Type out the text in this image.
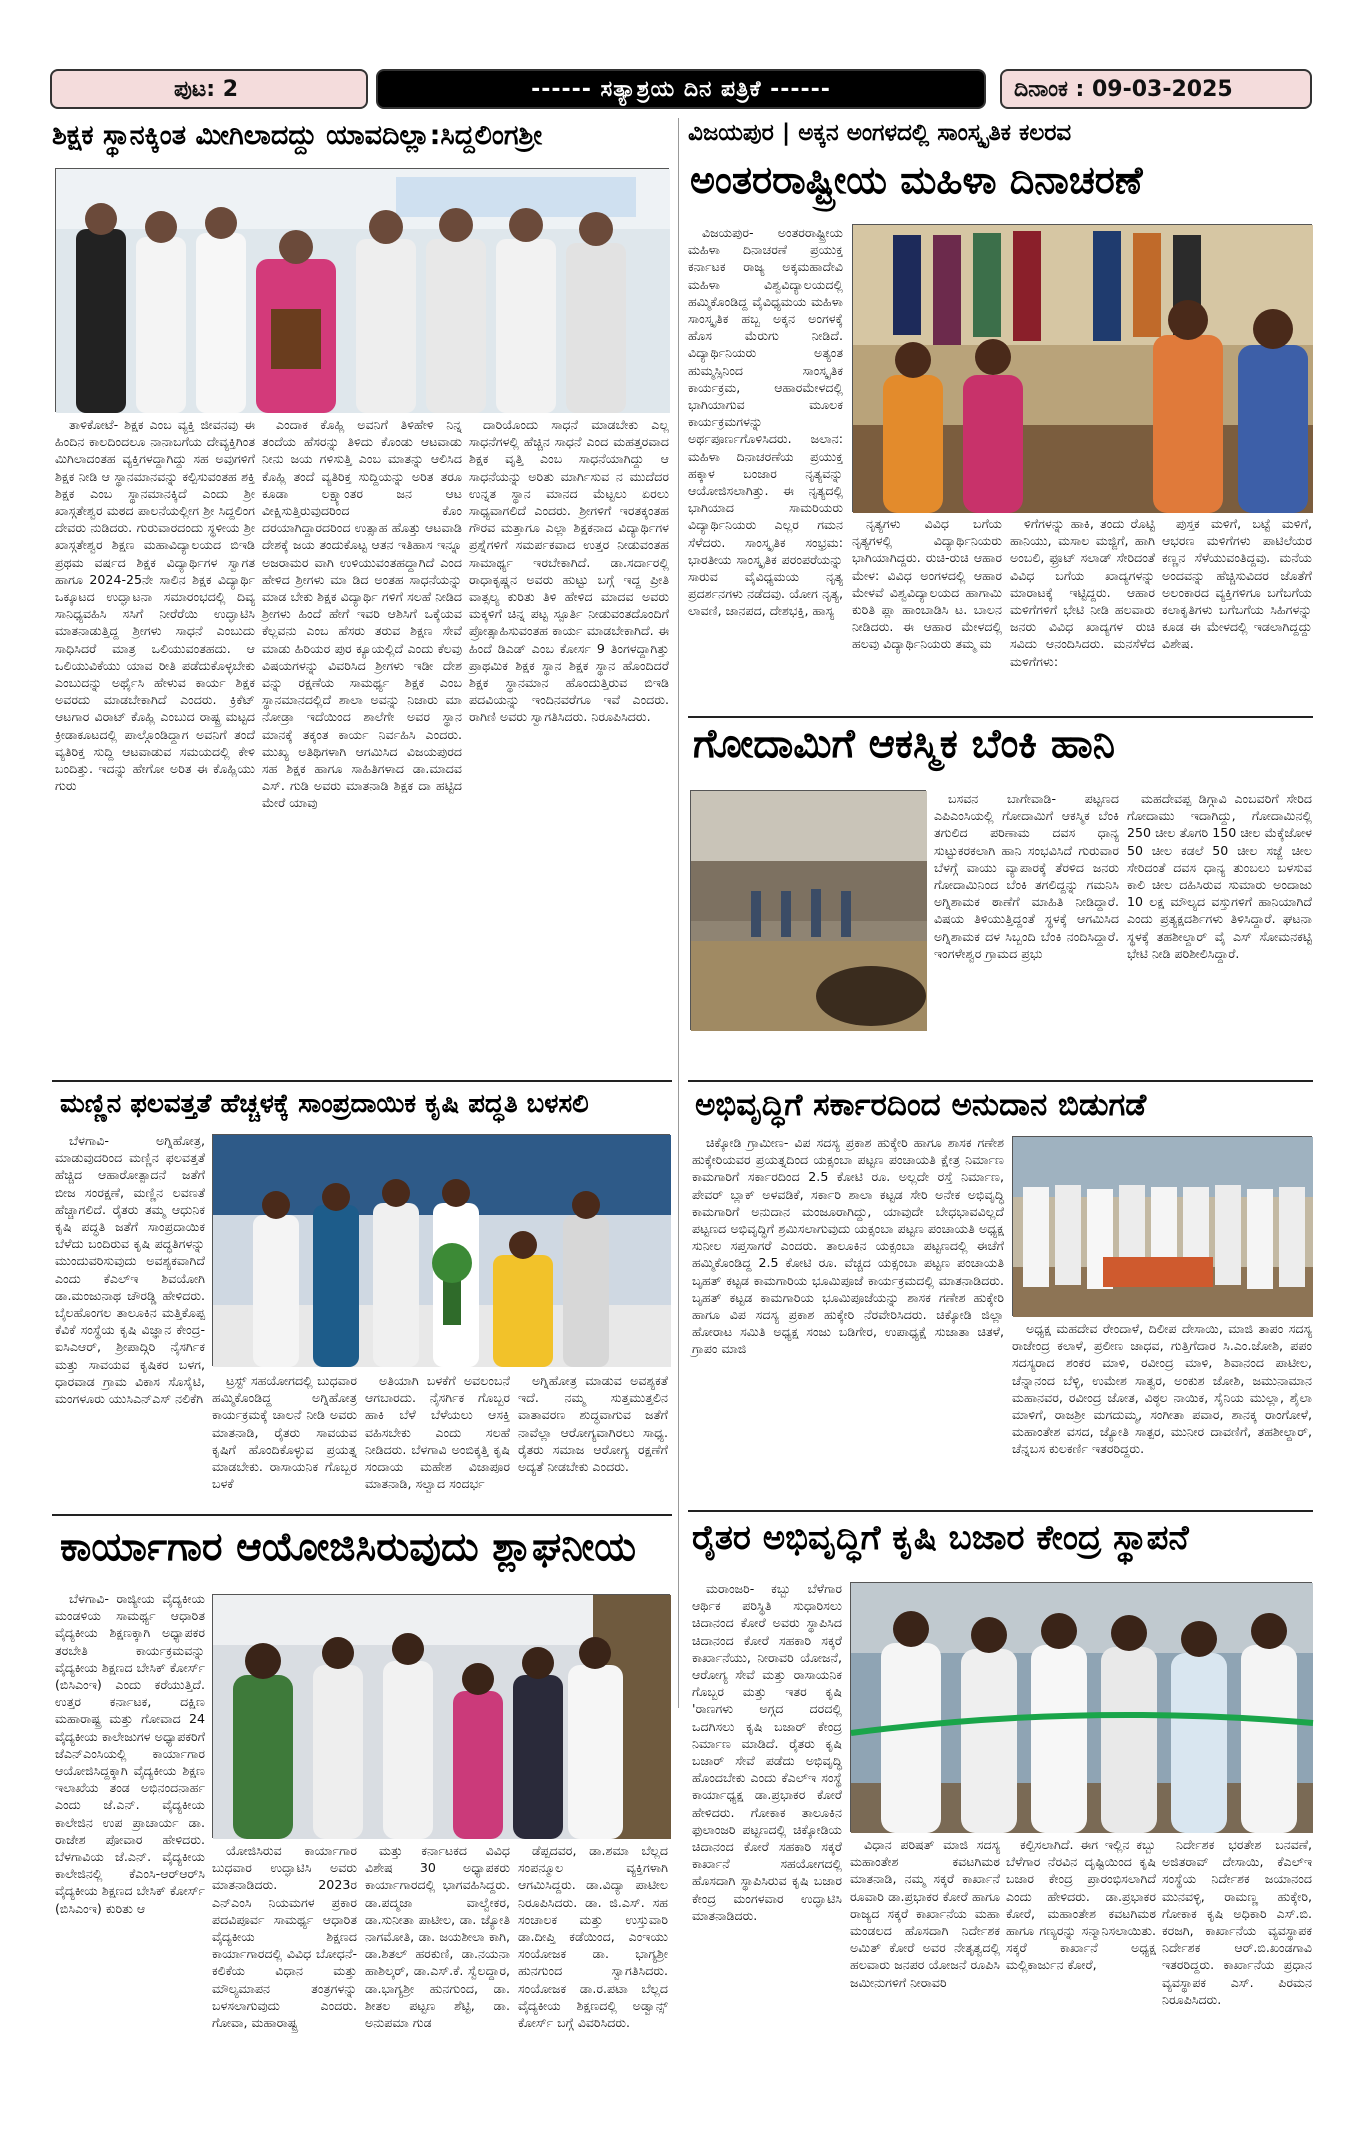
ಪುಟ: 2	------ ಸತ್ಯಾಶ್ರಯ ದಿನ ಪತ್ರಿಕೆ ------	ದಿನಾಂಕ : 09-03-2025
ಶಿಕ್ಷಕ ಸ್ಥಾನಕ್ಕಿಂತ ಮೀಗಿಲಾದದ್ದು ಯಾವದಿಲ್ಲಾ:ಸಿದ್ದಲಿಂಗಶ್ರೀ

ತಾಳಿಕೋಟೆ- ಶಿಕ್ಷಕ ಎಂಬ ವ್ಯಕ್ತಿ ಜೀವನವು ಈ ಹಿಂದಿನ ಕಾಲದಿಂದಲೂ ನಾನಾಬಗೆಯ ದೇವ್ಯಕ್ತಿಗಿಂತ ಮಿಗಿಲಾದಂತಹ ವ್ಯಕ್ತಿಗಳದ್ದಾಗಿದ್ದು ಸಹ ಅವುಗಳಿಗೆ ಶಿಕ್ಷಕ ನೀಡಿ ಆ ಸ್ಥಾನಮಾನವನ್ನು ಕಲ್ಪಿಸುವಂತಹ ಶಕ್ತಿ ಶಿಕ್ಷಕ ಎಂಬ ಸ್ಥಾನಮಾನಕ್ಕಿದೆ ಎಂದು ಶ್ರೀ ಖಾಸ್ಗತೇಶ್ವರ ಮಠದ ಪಾಲನೆಯಲ್ಲೀಗ ಶ್ರೀ ಸಿದ್ದಲಿಂಗ ದೇವರು ನುಡಿದರು. ಗುರುವಾರದಂದು ಸ್ಥಳೀಯ ಶ್ರೀ ಖಾಸ್ಗತೇಶ್ವರ ಶಿಕ್ಷಣ ಮಹಾವಿದ್ಯಾಲಯದ ಬಿಇಡಿ ಪ್ರಥಮ ವರ್ಷದ ಶಿಕ್ಷಕ ವಿದ್ಯಾರ್ಥಿಗಳ ಸ್ವಾಗತ ಹಾಗೂ 2024-25ನೇ ಸಾಲಿನ ಶಿಕ್ಷಕ ವಿದ್ಯಾರ್ಥಿ ಒಕ್ಕೂಟದ ಉದ್ಘಾಟನಾ ಸಮಾರಂಭದಲ್ಲಿ ದಿವ್ಯ ಸಾನಿಧ್ಯವಹಿಸಿ ಸಸಿಗೆ ನೀರೆರೆಯಿ ಉದ್ಘಾಟಿಸಿ ಮಾತನಾಡುತ್ತಿದ್ದ ಶ್ರೀಗಳು ಸಾಧನೆ ಎಂಬುದು ಸಾಧಿಸಿದರೆ ಮಾತ್ರ ಒಲಿಯುವಂತಹದು. ಆ ಒಲಿಯುವಿಕೆಯು ಯಾವ ರೀತಿ ಪಡೆದುಕೊಳ್ಳಬೇಕು ಎಂಬುದನ್ನು ಅರ್ಥೈಸಿ ಹೇಳುವ ಕಾರ್ಯ ಶಿಕ್ಷಕ ಅವರದು ಮಾಡಬೇಕಾಗಿದೆ ಎಂದರು. ಕ್ರಿಕೆಟ್ ಆಟಗಾರ ವಿರಾಟ್ ಕೊಹ್ಲಿ ಎಂಬುದ ರಾಷ್ಟ್ರ ಮಟ್ಟದ ಕ್ರೀಡಾಕೂಟದಲ್ಲಿ ಪಾಲ್ಗೊಂಡಿದ್ದಾಗ ಅವನಿಗೆ ತಂದೆ ವ್ಯತಿರಿಕ್ತ ಸುದ್ದಿ ಆಟವಾಡುವ ಸಮಯದಲ್ಲಿ ಕೇಳಿ ಬಂದಿತ್ತು. ಇದನ್ನು ಹೇಗೋ ಅರಿತ ಈ ಕೊಹ್ಲಿಯು ಗುರು

ಎಂದಾಕ ಕೊಹ್ಲಿ ಅವನಿಗೆ ತಿಳಿಹೇಳಿ ನಿನ್ನ ತಂದೆಯ ಹೆಸರನ್ನು ತಿಳಿದು ಕೊಂಡು ಆಟವಾಡು ನೀನು ಜಯ ಗಳಿಸುತ್ತಿ ಎಂಬ ಮಾತನ್ನು ಆಲಿಸಿದ ಕೊಹ್ಲಿ ತಂದೆ ವ್ಯತಿರಿಕ್ತ ಸುದ್ದಿಯನ್ನು ಅರಿತ ತರೂ ಕೂಡಾ ಲಕ್ಷ್ಯಾಂತರ ಜನ ಆಟ ವೀಕ್ಷಿಸುತ್ತಿರುವುದರಿಂದ ಕೊಂ ದರಯಾಗಿದ್ದಾರದರಿಂದ ಉತ್ಸಾಹ ಹೊತ್ತು ಆಟವಾಡಿ ದೇಶಕ್ಕೆ ಜಯ ತಂದುಕೊಟ್ಟ ಆತನ ಇತಿಹಾಸ ಇನ್ನೂ ಅಜರಾಮರ ವಾಗಿ ಉಳಿಯುವಂತಹದ್ದಾಗಿದೆ ಎಂದ ಹೇಳಿದ ಶ್ರೀಗಳು ಮಾ ಡಿದ ಅಂತಹ ಸಾಧನೆಯನ್ನು ಮಾಡ ಬೇಕು ಶಿಕ್ಷಕ ವಿದ್ಯಾರ್ಥಿ ಗಳಿಗೆ ಸಲಹೆ ನೀಡಿದ ಶ್ರೀಗಳು ಹಿಂದೆ ಹೇಗೆ ಇವರಿ ಆಶಿಸಿಗೆ ಒಕ್ಕೆಯವ ಕೆಲ್ಲವನು ಎಂಬ ಹೆಸರು ತರುವ ಶಿಕ್ಷಣ ಸೇವೆ ಮಾಡು ಹಿರಿಯರ ಪುರ ಕ್ಯೂಯಲ್ಲಿದೆ ಎಂದು ಕೆಲವು ವಿಷಯಗಳನ್ನು ವಿವರಿಸಿದ ಶ್ರೀಗಳು ಇಡೀ ದೇಶ ವನ್ನು ರಕ್ಷಣೆಯ ಸಾಮರ್ಥ್ಯ ಶಿಕ್ಷಕ ಎಂಬ ಸ್ಥಾನಮಾನದಲ್ಲಿದೆ ಶಾಲಾ ಅವನ್ನು ನಿಜಾರು ಮಾ ನೋಡ್ರಾ ಇದೆಯಿಂದ ಶಾಲೆಗೇ ಅವರ ಸ್ಥಾನ ಮಾನಕ್ಕೆ ತಕ್ಕಂತ ಕಾರ್ಯ ನಿರ್ವಹಿಸಿ ಎಂದರು. ಮುಖ್ಯ ಅತಿಥಿಗಳಾಗಿ ಆಗಮಿಸಿದ ವಿಜಯಪುರದ ಸಹ ಶಿಕ್ಷಕ ಹಾಗೂ ಸಾಹಿತಿಗಳಾದ ಡಾ.ಮಾದವ ಎಸ್. ಗುಡಿ ಅವರು ಮಾತನಾಡಿ ಶಿಕ್ಷಕ ದಾ ಹಟ್ಟಿದ ಮೇರೆ ಯಾವು

ದಾರಿಯೊಂದು ಸಾಧನೆ ಮಾಡಬೇಕು ಎಲ್ಲ ಸಾಧನೆಗಳಲ್ಲಿ ಹೆಚ್ಚಿನ ಸಾಧನೆ ಎಂದ ಮಹತ್ತರವಾದ ಶಿಕ್ಷಕ ವೃತ್ತಿ ಎಂಬ ಸಾಧನೆಯಾಗಿದ್ದು ಆ ಸಾಧನೆಯನ್ನು ಅರಿತು ಮಾರ್ಗಿಸುವ ನ ಮುದೆದರ ಉನ್ನತ ಸ್ಥಾನ ಮಾನದ ಮೆಟ್ಟಲು ಏರಲು ಸಾಧ್ಯವಾಗಲಿದೆ ಎಂದರು. ಶ್ರೀಗಳಿಗೆ ಇರತಕ್ಕಂತಹ ಗೌರವ ಮತ್ತಾಗೂ ಎಲ್ಲಾ ಶಿಕ್ಷಕನಾದ ವಿದ್ಯಾರ್ಥಿಗಳ ಪ್ರಶ್ನೆಗಳಿಗೆ ಸಮರ್ಪಕವಾದ ಉತ್ತರ ನೀಡುವಂತಹ ಸಾಮಾರ್ಥ್ಯ ಇರಬೇಕಾಗಿದೆ. ಡಾ.ಸರ್ದಾರಲ್ಲಿ ರಾಧಾಕೃಷ್ಣನ ಅವರು ಹುಟ್ಟು ಬಗ್ಗೆ ಇದ್ದ ಪ್ರೀತಿ ವಾತ್ಸಲ್ಯ ಕುರಿತು ತಿಳಿ ಹೇಳಿದ ಮಾದವ ಅವರು ಮಕ್ಕಳಿಗೆ ಚಿನ್ನ ಪಟ್ಟ ಸ್ಪೂರ್ತಿ ನೀಡುವಂತದೊಂದಿಗೆ ಪ್ರೋತ್ಸಾಹಿಸುವಂತಹ ಕಾರ್ಯ ಮಾಡಬೇಕಾಗಿದೆ. ಈ ಹಿಂದೆ ಡಿಎಡ್ ಎಂಬ ಕೋರ್ಸ 9 ತಿಂಗಳದ್ದಾಗಿತ್ತು ಪ್ರಾಥಮಿಕ ಶಿಕ್ಷಕ ಸ್ಥಾನ ಶಿಕ್ಷಕ ಸ್ಥಾನ ಹೊಂದಿದರೆ ಶಿಕ್ಷಕ ಸ್ಥಾನಮಾನ ಹೊಂದುತ್ತಿರುವ ಬಿಇಡಿ ಪದವಿಯನ್ನು ಇಂದಿನವರೆಗೂ ಇವೆ ಎಂದರು. ರಾಗಿಣಿ ಅವರು ಸ್ವಾಗತಿಸಿದರು. ನಿರೂಪಿಸಿದರು.

ವಿಜಯಪುರ | ಅಕ್ಕನ ಅಂಗಳದಲ್ಲಿ ಸಾಂಸ್ಕೃತಿಕ ಕಲರವ
ಅಂತರರಾಷ್ಟ್ರೀಯ ಮಹಿಳಾ ದಿನಾಚರಣೆ

ವಿಜಯಪುರ- ಅಂತರರಾಷ್ಟ್ರೀಯ ಮಹಿಳಾ ದಿನಾಚರಣೆ ಪ್ರಯುಕ್ತ ಕರ್ನಾಟಕ ರಾಜ್ಯ ಅಕ್ಕಮಹಾದೇವಿ ಮಹಿಳಾ ವಿಶ್ವವಿದ್ಯಾಲಯದಲ್ಲಿ ಹಮ್ಮಿಕೊಂಡಿದ್ದ ವೈವಿಧ್ಯಮಯ ಮಹಿಳಾ ಸಾಂಸ್ಕೃತಿಕ ಹಬ್ಬ ಅಕ್ಕನ ಅಂಗಳಕ್ಕೆ ಹೊಸ ಮೆರುಗು ನೀಡಿದೆ. ವಿದ್ಯಾರ್ಥಿನಿಯರು ಅತ್ಯಂತ ಹುಮ್ಮಸ್ಸಿನಿಂದ ಸಾಂಸ್ಕೃತಿಕ ಕಾರ್ಯಕ್ರಮ, ಆಹಾರಮೇಳದಲ್ಲಿ ಭಾಗಿಯಾಗುವ ಮೂಲಕ ಕಾರ್ಯಕ್ರಮಗಳನ್ನು ಅರ್ಥಪೂರ್ಣಗೊಳಿಸಿದರು. ಜಲಾನ: ಮಹಿಳಾ ದಿನಾಚರಣೆಯ ಪ್ರಯುಕ್ತ ಹಕ್ಕಾಳ ಬಂಜಾರ ನೃತ್ಯವನ್ನು ಆಯೋಜಿಸಲಾಗಿತ್ತು. ಈ ನೃತ್ಯದಲ್ಲಿ ಭಾಗಿಯಾದ ಸಾಮರಿಯರು ವಿದ್ಯಾರ್ಥಿನಿಯರು ಎಲ್ಲರ ಗಮನ ಸೆಳೆದರು. ಸಾಂಸ್ಕೃತಿಕ ಸಂಭ್ರಮ: ಭಾರತೀಯ ಸಾಂಸ್ಕೃತಿಕ ಪರಂಪರೆಯನ್ನು ಸಾರುವ ವೈವಿಧ್ಯಮಯ ನೃತ್ಯ ಪ್ರದರ್ಶನಗಳು ನಡೆದವು. ಯೋಗ ನೃತ್ಯ, ಲಾವಣಿ, ಜಾನಪದ, ದೇಶಭಕ್ತಿ, ಹಾಸ್ಯ

ನೃತ್ಯಗಳು ವಿವಿಧ ಬಗೆಯ ನೃತ್ಯಗಳಲ್ಲಿ ವಿದ್ಯಾರ್ಥಿನಿಯರು ಭಾಗಿಯಾಗಿದ್ದರು. ರುಚಿ-ರುಚಿ ಆಹಾರ ಮೇಳ: ವಿವಿಧ ಅಂಗಳದಲ್ಲಿ ಆಹಾರ ಮೇಳವೆ ವಿಶ್ವವಿದ್ಯಾಲಯದ ಹಾಗಾಮಿ ಕುರಿತಿ ಪ್ಲಾ ಹಾಂಬಾಡಿಸಿ ಟ. ಬಾಲನ ನೀಡಿದರು. ಈ ಆಹಾರ ಮೇಳದಲ್ಲಿ ಹಲವು ವಿದ್ಯಾರ್ಥಿನಿಯರು ತಮ್ಮ ಮ

ಳಿಗೆಗಳನ್ನು ಹಾಕಿ, ತಂದು ರೊಟ್ಟಿ ಹಾನಿಯು, ಮಸಾಲ ಮಜ್ಜಿಗೆ, ಹಾಗಿ ಅಂಬಲಿ, ಫ್ರೂಟ್ ಸಲಾಡ್ ಸೇರಿದಂತೆ ವಿವಿಧ ಬಗೆಯ ಖಾದ್ಯಗಳನ್ನು ಮಾರಾಟಕ್ಕೆ ಇಟ್ಟಿದ್ದರು. ಆಹಾರ ಮಳಿಗೆಗಳಿಗೆ ಭೇಟಿ ನೀಡಿ ಹಲವಾರು ಜನರು ವಿವಿಧ ಖಾದ್ಯಗಳ ರುಚಿ ಸವಿದು ಆನಂದಿಸಿದರು. ಮನಸೆಳೆದ ಮಳಿಗೆಗಳು:

ಪುಸ್ತಕ ಮಳಿಗೆ, ಬಟ್ಟೆ ಮಳಿಗೆ, ಆಭರಣ ಮಳಿಗೆಗಳು ಪಾಟಿಲೆಯರ ಕಣ್ಣನ ಸೆಳೆಯುವಂತಿದ್ದವು. ಮನೆಯ ಅಂದವನ್ನು ಹೆಚ್ಚಿಸುವಿದರ ಜೊತೆಗೆ ಅಲಂಕಾರದ ವ್ಯಕ್ತಿಗಳಿಗೂ ಬಗೆಬಗೆಯ ಕಲಾಕೃತಿಗಳು ಬಗೆಬಗೆಯ ಸಿಹಿಗಳನ್ನು ಕೂಡ ಈ ಮೇಳದಲ್ಲಿ ಇಡಲಾಗಿದ್ದದ್ದು ವಿಶೇಷ.

ಗೋದಾಮಿಗೆ ಆಕಸ್ಮಿಕ ಬೆಂಕಿ ಹಾನಿ

ಬಸವನ ಬಾಗೇವಾಡಿ- ಪಟ್ಟಣದ ಎಪಿಎಂಸಿಯಲ್ಲಿ ಗೋದಾಮಿಗೆ ಆಕಸ್ಮಿಕ ಬೆಂಕಿ ತಗುಲಿದ ಪರಿಣಾಮ ದವಸ ಧಾನ್ಯ ಸುಟ್ಟುಕರಕಲಾಗಿ ಹಾನಿ ಸಂಭವಿಸಿದೆ ಗುರುವಾರ ಬೆಳಗ್ಗೆ ವಾಯು ವ್ಯಾಪಾರಕ್ಕೆ ತೆರಳಿದ ಜನರು ಗೋದಾಮಿನಿಂದ ಬೆಂಕಿ ತಗಲಿದ್ದನ್ನು ಗಮನಿಸಿ ಅಗ್ನಿಶಾಮಕ ಠಾಣೆಗೆ ಮಾಹಿತಿ ನೀಡಿದ್ದಾರೆ. ವಿಷಯ ತಿಳಿಯುತ್ತಿದ್ದಂತೆ ಸ್ಥಳಕ್ಕೆ ಆಗಮಿಸಿದ ಅಗ್ನಿಶಾಮಕ ದಳ ಸಿಬ್ಬಂದಿ ಬೆಂಕಿ ನಂದಿಸಿದ್ದಾರೆ. ಇಂಗಳೇಶ್ವರ ಗ್ರಾಮದ ಪ್ರಭು

ಮಹದೇವಪ್ಪ ಡಿಗ್ಗಾವಿ ಎಂಬವರಿಗೆ ಸೇರಿದ ಗೋದಾಮು ಇದಾಗಿದ್ದು, ಗೋದಾಮಿನಲ್ಲಿ 250 ಚೀಲ ತೊಗರಿ 150 ಚೀಲ ಮೆಕ್ಕೆಜೋಳ 50 ಚೀಲ ಕಡಲೆ 50 ಚೀಲ ಸಜ್ಜೆ ಚೀಲ ಸೇರಿದಂತೆ ದವಸ ಧಾನ್ಯ ತುಂಬಲು ಬಳಸುವ ಕಾಲಿ ಚೀಲ ದಹಿಸಿರುವ ಸುಮಾರು ಅಂದಾಜು 10 ಲಕ್ಷ ಮೌಲ್ಯದ ವಸ್ತುಗಳಿಗೆ ಹಾನಿಯಾಗಿದೆ ಎಂದು ಪ್ರತ್ಯಕ್ಷದರ್ಶಿಗಳು ತಿಳಿಸಿದ್ದಾರೆ. ಘಟನಾ ಸ್ಥಳಕ್ಕೆ ತಹಶೀಲ್ದಾರ್ ವೈ ಎಸ್ ಸೋಮನಕಟ್ಟಿ ಭೇಟಿ ನೀಡಿ ಪರಿಶೀಲಿಸಿದ್ದಾರೆ.

ಮಣ್ಣಿನ ಫಲವತ್ತತೆ ಹೆಚ್ಚಳಕ್ಕೆ ಸಾಂಪ್ರದಾಯಿಕ ಕೃಷಿ ಪದ್ಧತಿ ಬಳಸಲಿ

ಬೆಳಗಾವಿ- ಅಗ್ನಿಹೋತ್ರ, ಮಾಡುವುದರಿಂದ ಮಣ್ಣಿನ ಫಲವತ್ತತೆ ಹೆಚ್ಚಿದ ಆಹಾರೋತ್ಪಾದನೆ ಜತೆಗೆ ಬೀಜ ಸಂರಕ್ಷಣೆ, ಮಣ್ಣಿನ ಲವಣತೆ ಹೆಚ್ಚಾಗಲಿದೆ. ರೈತರು ತಮ್ಮ ಆಧುನಿಕ ಕೃಷಿ ಪದ್ಧತಿ ಜತೆಗೆ ಸಾಂಪ್ರದಾಯಿಕ ಬೆಳೆದು ಬಂದಿರುವ ಕೃಷಿ ಪದ್ಧತಿಗಳನ್ನು ಮುಂದುವರಿಸುವುದು ಅವಶ್ಯಕವಾಗಿದೆ ಎಂದು ಕೆಎಲ್‌ಇ ಶಿವಯೋಗಿ ಡಾ.ಮಂಜುನಾಥ ಚೌರಡ್ಡಿ ಹೇಳಿದರು. ಬೈಲಹೊಂಗಲ ತಾಲೂಕಿನ ಮತ್ತಿಕೊಪ್ಪ ಕೆವಿಕೆ ಸಂಸ್ಥೆಯ ಕೃಷಿ ವಿಜ್ಞಾನ ಕೇಂದ್ರ-ಐಸಿಎಆರ್, ಶ್ರೀಪಾದ್ಗಿರಿ ನೈಸರ್ಗಿಕ ಮತ್ತು ಸಾವಯವ ಕೃಷಿಕರ ಬಳಗ, ಧಾರವಾಡ ಗ್ರಾಮ ವಿಕಾಸ ಸೊಸೈಟಿ, ಮಂಗಳೂರು ಯುಸಿಎನ್ಎಸ್ ನಲಿಕೆಗಿ

ಟ್ರಸ್ಟ್ ಸಹಯೋಗದಲ್ಲಿ ಬುಧವಾರ ಹಮ್ಮಿಕೊಂಡಿದ್ದ ಅಗ್ನಿಹೋತ್ರ ಕಾರ್ಯಕ್ರಮಕ್ಕೆ ಚಾಲನೆ ನೀಡಿ ಅವರು ಮಾತನಾಡಿ, ರೈತರು ಸಾವಯವ ಕೃಷಿಗೆ ಹೊಂದಿಕೊಳ್ಳುವ ಪ್ರಯತ್ನ ಮಾಡಬೇಕು. ರಾಸಾಯನಿಕ ಗೊಬ್ಬರ ಬಳಕೆ

ಅತಿಯಾಗಿ ಬಳಕೆಗೆ ಅವಲಂಬನೆ ಆಗಬಾರದು. ನೈಸರ್ಗಿಕ ಗೊಬ್ಬರ ಹಾಕಿ ಬೆಳೆ ಬೆಳೆಯಲು ಆಸಕ್ತಿ ವಹಿಸಬೇಕು ಎಂದು ಸಲಹೆ ನೀಡಿದರು. ಬೆಳಗಾವಿ ಅಂಬಿಕ್ಕತ್ತಿ ಕೃಷಿ ಸಂದಾಯ ಮಹೇಶ ವಿಜಾಪೂರ ಮಾತನಾಡಿ, ಸಲ್ವಾದ ಸಂದರ್ಭ

ಅಗ್ನಿಹೋತ್ರ ಮಾಡುವ ಅವಶ್ಯಕತೆ ಇದೆ. ನಮ್ಮ ಸುತ್ತಮುತ್ತಲಿನ ವಾತಾವರಣ ಶುದ್ಧವಾಗುವ ಜತೆಗೆ ನಾವೆಲ್ಲಾ ಆರೋಗ್ಯವಾಗಿರಲು ಸಾಧ್ಯ. ರೈತರು ಸಮಾಜ ಆರೋಗ್ಯ ರಕ್ಷಣೆಗೆ ಅದ್ಯತೆ ನೀಡಬೇಕು ಎಂದರು.

ಅಭಿವೃದ್ಧಿಗೆ ಸರ್ಕಾರದಿಂದ ಅನುದಾನ ಬಿಡುಗಡೆ

ಚಿಕ್ಕೋಡಿ ಗ್ರಾಮೀಣ- ವಿಪ ಸದಸ್ಯ ಪ್ರಕಾಶ ಹುಕ್ಕೇರಿ ಹಾಗೂ ಶಾಸಕ ಗಣೇಶ ಹುಕ್ಕೇರಿಯವರ ಪ್ರಯತ್ನದಿಂದ ಯಕ್ಸಂಬಾ ಪಟ್ಟಣ ಪಂಚಾಯತಿ ಕ್ಷೇತ್ರ ನಿರ್ಮಾಣ ಕಾಮಗಾರಿಗೆ ಸರ್ಕಾರದಿಂದ 2.5 ಕೋಟಿ ರೂ. ಅಲ್ಲದೇ ರಸ್ತೆ ನಿರ್ಮಾಣ, ಪೇವರ್ ಬ್ಲಾಕ್ ಅಳವಡಿಕೆ, ಸರ್ಕಾರಿ ಶಾಲಾ ಕಟ್ಟಡ ಸೇರಿ ಅನೇಕ ಅಭಿವೃದ್ಧಿ ಕಾಮಗಾರಿಗೆ ಅನುದಾನ ಮಂಜೂರಾಗಿದ್ದು, ಯಾವುದೇ ಬೇಧಭಾವವಿಲ್ಲದೆ ಪಟ್ಟಣದ ಅಭಿವೃದ್ಧಿಗೆ ಶ್ರಮಿಸಲಾಗುವುದು ಯಕ್ಸಂಬಾ ಪಟ್ಟಣ ಪಂಚಾಯತಿ ಅಧ್ಯಕ್ಷ ಸುನೀಲ ಸಪ್ತಸಾಗರೆ ಎಂದರು. ತಾಲೂಕಿನ ಯಕ್ಸಂಬಾ ಪಟ್ಟಣದಲ್ಲಿ ಈಚೆಗೆ ಹಮ್ಮಿಕೊಂಡಿದ್ದ 2.5 ಕೋಟಿ ರೂ. ವೆಚ್ಚದ ಯಕ್ಸಂಬಾ ಪಟ್ಟಣ ಪಂಚಾಯತಿ ಬೃಹತ್ ಕಟ್ಟಡ ಕಾಮಗಾರಿಯ ಭೂಮಿಪೂಜೆ ಕಾರ್ಯಕ್ರಮದಲ್ಲಿ ಮಾತನಾಡಿದರು. ಬೃಹತ್ ಕಟ್ಟಡ ಕಾಮಗಾರಿಯ ಭೂಮಿಪೂಜೆಯನ್ನು ಶಾಸಕ ಗಣೇಶ ಹುಕ್ಕೇರಿ ಹಾಗೂ ವಿಪ ಸದಸ್ಯ ಪ್ರಕಾಶ ಹುಕ್ಕೇರಿ ನೆರವೇರಿಸಿದರು. ಚಿಕ್ಕೋಡಿ ಜಿಲ್ಲಾ ಹೋರಾಟ ಸಮಿತಿ ಅಧ್ಯಕ್ಷ ಸಂಜು ಬಡಿಗೇರ, ಉಪಾಧ್ಯಕ್ಷೆ ಸುಜಾತಾ ಚಿತಳೆ, ಗ್ರಾಪಂ ಮಾಜಿ

ಅಧ್ಯಕ್ಷ ಮಹದೇವ ರೇಂದಾಳೆ, ದಿಲೀಪ ದೇಸಾಯಿ, ಮಾಜಿ ತಾಪಂ ಸದಸ್ಯ ರಾಜೇಂದ್ರ ಕಲಾಳೆ, ಪ್ರಲೀಣ ಜಾಧವ, ಗುತ್ತಿಗೆದಾರ ಸಿ.ಎಂ.ಜೋಶಿ, ಪಪಂ ಸದಸ್ಯರಾದ ಶಂಕರ ಮಾಳಿ, ರವೀಂದ್ರ ಮಾಳಿ, ಶಿವಾನಂದ ಪಾಟೀಲ, ಚೆನ್ನಾನಂದ ಬೆಳ್ಳಿ, ಉಮೇಶ ಸಾತ್ವರ, ಅಂಕುಶ ಜೋಶಿ, ಜಮುನಾಮಾನ ಮಹಾನವರ, ರವೀಂದ್ರ ಜೋತ, ವಿಠ್ಠಲ ನಾಯಿಕ, ಸೈನಿಯ ಮುಲ್ಲಾ, ಶೈಲಾ ಮಾಳಿಗೆ, ರಾಜಶ್ರೀ ಮಗದುಮ್ಮ, ಸಂಗೀತಾ ಪವಾರ, ಶಾನಕ್ಕ ರಾಂಗೋಳೆ, ಮಹಾಂತೇಶ ವಸದ, ಜ್ಯೋತಿ ಸಾತ್ಪರ, ಮುನೀರ ದಾವಣಿಗೆ, ತಹಶೀಲ್ದಾರ್, ಚೆನ್ನಬಸ ಕುಲಕರ್ಣಿ ಇತರರಿದ್ದರು.

ಕಾರ್ಯಾಗಾರ ಆಯೋಜಿಸಿರುವುದು ಶ್ಲಾಘನೀಯ

ಬೆಳಗಾವಿ- ರಾಜ್ಯೀಯ ವೈದ್ಯಕೀಯ ಮಂಡಳಿಯ ಸಾಮರ್ಥ್ಯ ಆಧಾರಿತ ವೈದ್ಯಕೀಯ ಶಿಕ್ಷಣಕ್ಕಾಗಿ ಅಧ್ಯಾಪಕರ ತರಬೇತಿ ಕಾರ್ಯಕ್ರಮವನ್ನು ವೈದ್ಯಕೀಯ ಶಿಕ್ಷಣದ ಬೇಸಿಕ್ ಕೋರ್ಸ್ (ಬಿಸಿಎಂಇ) ಎಂದು ಕರೆಯುತ್ತಿದೆ. ಉತ್ತರ ಕರ್ನಾಟಕ, ದಕ್ಷಿಣ ಮಹಾರಾಷ್ಟ್ರ ಮತ್ತು ಗೋವಾದ 24 ವೈದ್ಯಕೀಯ ಕಾಲೇಜುಗಳ ಅಧ್ಯಾಪಕರಿಗೆ ಜೆಎನ್‌ಎಂಸಿಯಲ್ಲಿ ಕಾರ್ಯಾಗಾರ ಆಯೋಜಿಸಿದ್ದಕ್ಕಾಗಿ ವೈದ್ಯಕೀಯ ಶಿಕ್ಷಣ ಇಲಾಖೆಯ ತಂಡ ಅಭಿನಂದನಾರ್ಹ ಎಂದು ಜೆ.ಎನ್. ವೈದ್ಯಕೀಯ ಕಾಲೇಜಿನ ಉಪ ಪ್ರಾಚಾರ್ಯ ಡಾ. ರಾಜೇಶ ಪೋವಾರ ಹೇಳಿದರು. ಬೆಳಗಾವಿಯ ಜೆ.ಎನ್. ವೈದ್ಯಕೀಯ ಕಾಲೇಜಿನಲ್ಲಿ ಕೆಎಂಸಿ-ಆರ್‌ಆರ್‌ಸಿ ವೈದ್ಯಕೀಯ ಶಿಕ್ಷಣದ ಬೇಸಿಕ್ ಕೋರ್ಸ್ (ಬಿಸಿಎಂಇ) ಕುರಿತು ಆ

ಯೋಜಿಸಿರುವ ಕಾರ್ಯಾಗಾರ ಬುಧವಾರ ಉದ್ಘಾಟಿಸಿ ಅವರು ಮಾತನಾಡಿದರು. 2023ರ ಎನ್‌ಎಂಸಿ ನಿಯಮಗಳ ಪ್ರಕಾರ ಪದವಿಪೂರ್ವ ಸಾಮರ್ಥ್ಯ ಆಧಾರಿತ ವೈದ್ಯಕೀಯ ಶಿಕ್ಷಣದ ಕಾರ್ಯಾಗಾರದಲ್ಲಿ ವಿವಿಧ ಬೋಧನೆ-ಕಲಿಕೆಯ ವಿಧಾನ ಮತ್ತು ಮೌಲ್ಯಮಾಪನ ತಂತ್ರಗಳನ್ನು ಬಳಸಲಾಗುವುದು ಎಂದರು. ಗೋವಾ, ಮಹಾರಾಷ್ಟ್ರ

ಮತ್ತು ಕರ್ನಾಟಕದ ವಿವಿಧ ವಿಶೇಷ 30 ಅಧ್ಯಾಪಕರು ಕಾರ್ಯಾಗಾರದಲ್ಲಿ ಭಾಗವಹಿಸಿದ್ದರು. ಡಾ.ಪದ್ಮಜಾ ವಾಲ್ವೇಕರ, ಡಾ.ಸುನೀತಾ ಪಾಟೀಲ, ಡಾ. ಜ್ಯೋತಿ ನಾಗಮೋತಿ, ಡಾ. ಜಯಶೀಲಾ ಕಾಗಿ, ಡಾ.ಶಿತಲ್ ಹರಕುಣಿ, ಡಾ.ನಯನಾ ಹಾಶಿಲ್ಕರ್, ಡಾ.ಎಸ್.ಕೆ. ಸ್ವೆಲದ್ದಾರ, ಡಾ.ಭಾಗ್ಯಶ್ರೀ ಹುನಗುಂದ, ಡಾ. ಶೀತಲ ಪಟ್ಟಣ ಶೆಟ್ಟಿ, ಡಾ. ಅನುಪಮಾ ಗುಡ

ಡೆಪ್ಪದವರ, ಡಾ.ಶಮಾ ಬೆಲ್ಲದ ಸಂಪನ್ಮೂಲ ವ್ಯಕ್ತಿಗಳಾಗಿ ಆಗಮಿಸಿದ್ದರು. ಡಾ.ವಿದ್ಯಾ ಪಾಟೀಲ ನಿರೂಪಿಸಿದರು. ಡಾ. ಜಿ.ಎಸ್. ಸಹ ಸಂಚಾಲಕ ಮತ್ತು ಉಸ್ತುವಾರಿ ಡಾ.ದೀಪ್ತಿ ಕಡೆಯಿಂದ, ಎಂಇಯು ಸಂಯೋಜಕ ಡಾ. ಭಾಗ್ಯಶ್ರೀ ಹುನಗುಂದ ಸ್ವಾಗತಿಸಿದರು. ಸಂಯೋಜಕ ಡಾ.ರ.ಪಟಾ ಬೆಲ್ಲದ ವೈದ್ಯಕೀಯ ಶಿಕ್ಷಣದಲ್ಲಿ ಅಡ್ವಾನ್ಸ್ ಕೋರ್ಸ್ ಬಗ್ಗೆ ವಿವರಿಸಿದರು.

ರೈತರ ಅಭಿವೃದ್ಧಿಗೆ ಕೃಷಿ ಬಜಾರ ಕೇಂದ್ರ ಸ್ಥಾಪನೆ

ಮರಾಂಜರಿ- ಕಬ್ಬು ಬೆಳೆಗಾರ ಆರ್ಥಿಕ ಪರಿಸ್ಥಿತಿ ಸುಧಾರಿಸಲು ಚಿದಾನಂದ ಕೋರೆ ಅವರು ಸ್ಥಾಪಿಸಿದ ಚಿದಾನಂದ ಕೋರೆ ಸಹಕಾರಿ ಸಕ್ಕರೆ ಕಾರ್ಖಾನೆಯು, ನೀರಾವರಿ ಯೋಜನೆ, ಆರೋಗ್ಯ ಸೇವೆ ಮತ್ತು ರಾಸಾಯನಿಕ ಗೊಬ್ಬರ ಮತ್ತು ಇತರ ಕೃಷಿ 'ರಾಣಗಳು ಅಗ್ಗದ ದರದಲ್ಲಿ ಒದಗಿಸಲು ಕೃಷಿ ಬಜಾರ್ ಕೇಂದ್ರ ನಿರ್ಮಾಣ ಮಾಡಿದೆ. ರೈತರು ಕೃಷಿ ಬಜಾರ್ ಸೇವೆ ಪಡೆದು ಅಭಿವೃದ್ಧಿ ಹೊಂದಬೇಕು ಎಂದು ಕೆಎಲ್‌ಇ ಸಂಸ್ಥೆ ಕಾರ್ಯಾಧ್ಯಕ್ಷ ಡಾ.ಪ್ರಭಾಕರ ಕೋರೆ ಹೇಳಿದರು. ಗೋಕಾಕ ತಾಲೂಕಿನ ಫುಲಾಂಜರಿ ಪಟ್ಟಣದಲ್ಲಿ ಚಿಕ್ಕೋಡಿಯ ಚಿದಾನಂದ ಕೋರೆ ಸಹಕಾರಿ ಸಕ್ಕರೆ ಕಾರ್ಖಾನೆ ಸಹಯೋಗದಲ್ಲಿ ಹೊಸದಾಗಿ ಸ್ಥಾಪಿಸಿರುವ ಕೃಷಿ ಬಜಾರ ಕೇಂದ್ರ ಮಂಗಳವಾರ ಉದ್ಘಾಟಿಸಿ ಮಾತನಾಡಿದರು.

ವಿಧಾನ ಪರಿಷತ್ ಮಾಜಿ ಸದಸ್ಯ ಮಹಾಂತೇಶ ಕವಟಗಿಮಠ ಮಾತನಾಡಿ, ನಮ್ಮ ಸಕ್ಕರೆ ಕಾರ್ಖಾನೆ ರೂವಾರಿ ಡಾ.ಪ್ರಭಾಕರ ಕೋರೆ ಹಾಗೂ ರಾಜ್ಯದ ಸಕ್ಕರೆ ಕಾರ್ಖಾನೆಯ ಮಹಾ ಮಂಡಲದ ಹೊಸದಾಗಿ ನಿರ್ದೇಶಕ ಅಮಿತ್ ಕೋರೆ ಅವರ ನೇತೃತ್ವದಲ್ಲಿ ಹಲವಾರು ಜನಪರ ಯೋಜನೆ ರೂಪಿಸಿ ಜಮೀನುಗಳಿಗೆ ನೀರಾವರಿ

ಕಲ್ಪಿಸಲಾಗಿದೆ. ಈಗ ಇಲ್ಲಿನ ಕಬ್ಬು ಬೆಳೆಗಾರ ನೆರವಿನ ದೃಷ್ಟಿಯಿಂದ ಕೃಷಿ ಬಜಾರ ಕೇಂದ್ರ ಪ್ರಾರಂಭಿಸಲಾಗಿದೆ ಎಂದು ಹೇಳಿದರು. ಡಾ.ಪ್ರಭಾಕರ ಕೋರೆ, ಮಹಾಂತೇಶ ಕವಟಗಿಮಠ ಹಾಗೂ ಗಣ್ಯರನ್ನು ಸನ್ಮಾನಿಸಲಾಯಿತು. ಸಕ್ಕರೆ ಕಾರ್ಖಾನೆ ಅಧ್ಯಕ್ಷ ಮಲ್ಲಿಕಾರ್ಜುನ ಕೋರೆ,

ನಿರ್ದೇಶಕ ಭರತೇಶ ಬನವಣೆ, ಅಜಿತರಾವ್ ದೇಸಾಯಿ, ಕೆಎಲ್‌ಇ ಸಂಸ್ಥೆಯ ನಿರ್ದೇಶಕ ಜಯಾನಂದ ಮುನವಳ್ಳಿ, ರಾಮಣ್ಣ ಹುಕ್ಕೇರಿ, ಗೋಕಾಕ ಕೃಷಿ ಅಧಿಕಾರಿ ಎಸ್.ಬಿ. ಕರಜಗಿ, ಕಾರ್ಖಾನೆಯ ವ್ಯವಸ್ಥಾಪಕ ನಿರ್ದೇಶಕ ಆರ್.ಬಿ.ಖಂಡಗಾವಿ ಇತರರಿದ್ದರು. ಕಾರ್ಖಾನೆಯ ಪ್ರಧಾನ ವ್ಯವಸ್ಥಾಪಕ ಎಸ್. ಪಿರಮನ ನಿರೂಪಿಸಿದರು.
